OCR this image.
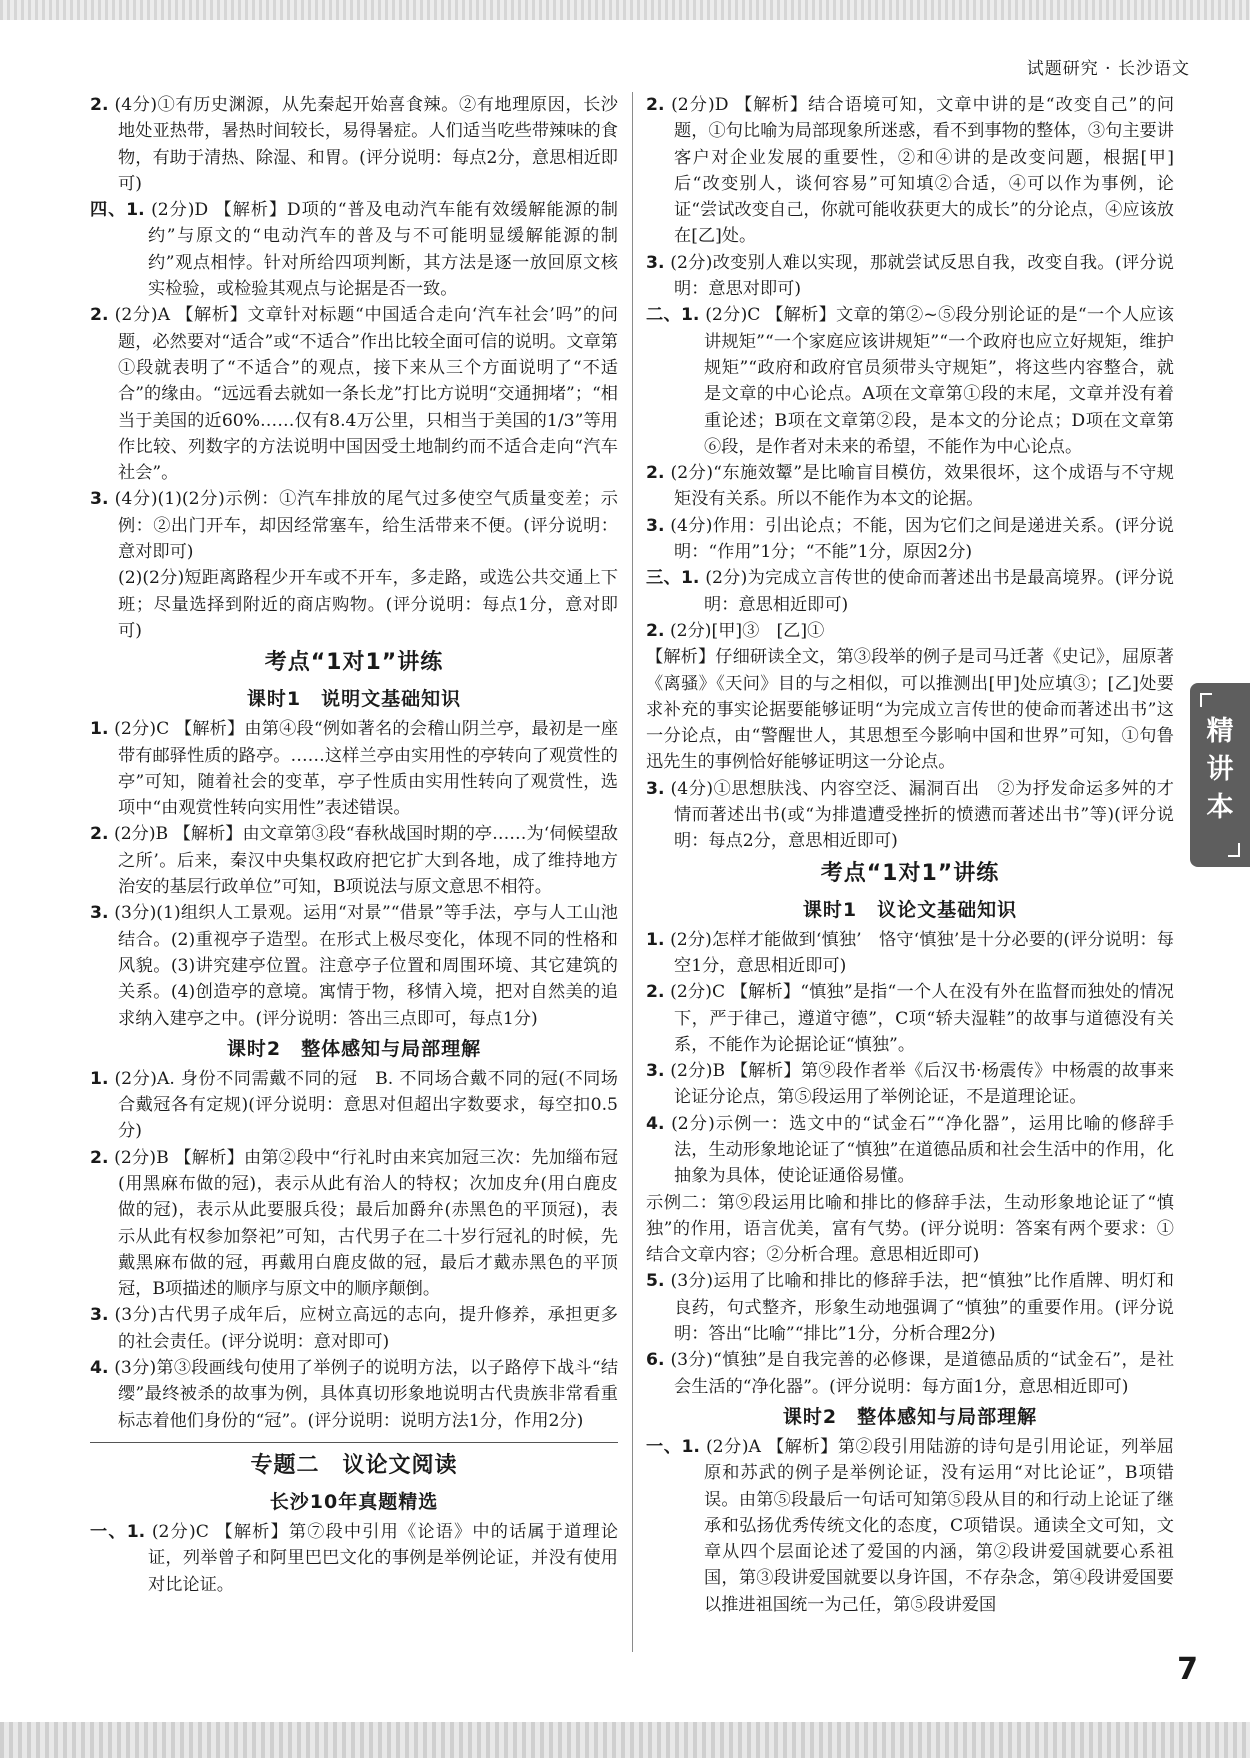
试题研究 · 长沙语文
2. (4分)①有历史渊源，从先秦起开始喜食辣。②有地理原因，长沙地处亚热带，暑热时间较长，易得暑症。人们适当吃些带辣味的食物，有助于清热、除湿、和胃。(评分说明：每点2分，意思相近即可)
四、1. (2分)D 【解析】D项的“普及电动汽车能有效缓解能源的制约”与原文的“电动汽车的普及与不可能明显缓解能源的制约”观点相悖。针对所给四项判断，其方法是逐一放回原文核实检验，或检验其观点与论据是否一致。
2. (2分)A 【解析】文章针对标题“中国适合走向‘汽车社会’吗”的问题，必然要对“适合”或“不适合”作出比较全面可信的说明。文章第①段就表明了“不适合”的观点，接下来从三个方面说明了“不适合”的缘由。“远远看去就如一条长龙”打比方说明“交通拥堵”；“相当于美国的近60%……仅有8.4万公里，只相当于美国的1/3”等用作比较、列数字的方法说明中国因受土地制约而不适合走向“汽车社会”。
3. (4分)(1)(2分)示例：①汽车排放的尾气过多使空气质量变差；示例：②出门开车，却因经常塞车，给生活带来不便。(评分说明：意对即可)
(2)(2分)短距离路程少开车或不开车，多走路，或选公共交通上下班；尽量选择到附近的商店购物。(评分说明：每点1分，意对即可)
考点“1对1”讲练
课时1　说明文基础知识
1. (2分)C 【解析】由第④段“例如著名的会稽山阴兰亭，最初是一座带有邮驿性质的路亭。……这样兰亭由实用性的亭转向了观赏性的亭”可知，随着社会的变革，亭子性质由实用性转向了观赏性，选项中“由观赏性转向实用性”表述错误。
2. (2分)B 【解析】由文章第③段“春秋战国时期的亭……为‘伺候望敌之所’。后来，秦汉中央集权政府把它扩大到各地，成了维持地方治安的基层行政单位”可知，B项说法与原文意思不相符。
3. (3分)(1)组织人工景观。运用“对景”“借景”等手法，亭与人工山池结合。(2)重视亭子造型。在形式上极尽变化，体现不同的性格和风貌。(3)讲究建亭位置。注意亭子位置和周围环境、其它建筑的关系。(4)创造亭的意境。寓情于物，移情入境，把对自然美的追求纳入建亭之中。(评分说明：答出三点即可，每点1分)
课时2　整体感知与局部理解
1. (2分)A. 身份不同需戴不同的冠　B. 不同场合戴不同的冠(不同场合戴冠各有定规)(评分说明：意思对但超出字数要求，每空扣0.5分)
2. (2分)B 【解析】由第②段中“行礼时由来宾加冠三次：先加缁布冠(用黑麻布做的冠)，表示从此有治人的特权；次加皮弁(用白鹿皮做的冠)，表示从此要服兵役；最后加爵弁(赤黑色的平顶冠)，表示从此有权参加祭祀”可知，古代男子在二十岁行冠礼的时候，先戴黑麻布做的冠，再戴用白鹿皮做的冠，最后才戴赤黑色的平顶冠，B项描述的顺序与原文中的顺序颠倒。
3. (3分)古代男子成年后，应树立高远的志向，提升修养，承担更多的社会责任。(评分说明：意对即可)
4. (3分)第③段画线句使用了举例子的说明方法，以子路停下战斗“结缨”最终被杀的故事为例，具体真切形象地说明古代贵族非常看重标志着他们身份的“冠”。(评分说明：说明方法1分，作用2分)
专题二　议论文阅读
长沙10年真题精选
一、1. (2分)C 【解析】第⑦段中引用《论语》中的话属于道理论证，列举曾子和阿里巴巴文化的事例是举例论证，并没有使用对比论证。
2. (2分)D 【解析】结合语境可知，文章中讲的是“改变自己”的问题，①句比喻为局部现象所迷惑，看不到事物的整体，③句主要讲客户对企业发展的重要性，②和④讲的是改变问题，根据[甲]后“改变别人，谈何容易”可知填②合适，④可以作为事例，论证“尝试改变自己，你就可能收获更大的成长”的分论点，④应该放在[乙]处。
3. (2分)改变别人难以实现，那就尝试反思自我，改变自我。(评分说明：意思对即可)
二、1. (2分)C 【解析】文章的第②~⑤段分别论证的是“一个人应该讲规矩”“一个家庭应该讲规矩”“一个政府也应立好规矩，维护规矩”“政府和政府官员须带头守规矩”，将这些内容整合，就是文章的中心论点。A项在文章第①段的末尾，文章并没有着重论述；B项在文章第②段，是本文的分论点；D项在文章第⑥段，是作者对未来的希望，不能作为中心论点。
2. (2分)“东施效颦”是比喻盲目模仿，效果很坏，这个成语与不守规矩没有关系。所以不能作为本文的论据。
3. (4分)作用：引出论点；不能，因为它们之间是递进关系。(评分说明：“作用”1分；“不能”1分，原因2分)
三、1. (2分)为完成立言传世的使命而著述出书是最高境界。(评分说明：意思相近即可)
2. (2分)[甲]③　[乙]①
【解析】仔细研读全文，第③段举的例子是司马迁著《史记》，屈原著《离骚》《天问》目的与之相似，可以推测出[甲]处应填③；[乙]处要求补充的事实论据要能够证明“为完成立言传世的使命而著述出书”这一分论点，由“警醒世人，其思想至今影响中国和世界”可知，①句鲁迅先生的事例恰好能够证明这一分论点。
3. (4分)①思想肤浅、内容空泛、漏洞百出　②为抒发命运多舛的才情而著述出书(或“为排遣遭受挫折的愤懑而著述出书”等)(评分说明：每点2分，意思相近即可)
考点“1对1”讲练
课时1　议论文基础知识
1. (2分)怎样才能做到‘慎独’　恪守‘慎独’是十分必要的(评分说明：每空1分，意思相近即可)
2. (2分)C 【解析】“慎独”是指“一个人在没有外在监督而独处的情况下，严于律己，遵道守德”，C项“轿夫湿鞋”的故事与道德没有关系，不能作为论据论证“慎独”。
3. (2分)B 【解析】第⑨段作者举《后汉书·杨震传》中杨震的故事来论证分论点，第⑤段运用了举例论证，不是道理论证。
4. (2分)示例一：选文中的“试金石”“净化器”，运用比喻的修辞手法，生动形象地论证了“慎独”在道德品质和社会生活中的作用，化抽象为具体，使论证通俗易懂。
示例二：第⑨段运用比喻和排比的修辞手法，生动形象地论证了“慎独”的作用，语言优美，富有气势。(评分说明：答案有两个要求：①结合文章内容；②分析合理。意思相近即可)
5. (3分)运用了比喻和排比的修辞手法，把“慎独”比作盾牌、明灯和良药，句式整齐，形象生动地强调了“慎独”的重要作用。(评分说明：答出“比喻”“排比”1分，分析合理2分)
6. (3分)“慎独”是自我完善的必修课，是道德品质的“试金石”，是社会生活的“净化器”。(评分说明：每方面1分，意思相近即可)
课时2　整体感知与局部理解
一、1. (2分)A 【解析】第②段引用陆游的诗句是引用论证，列举屈原和苏武的例子是举例论证，没有运用“对比论证”，B项错误。由第⑤段最后一句话可知第⑤段从目的和行动上论证了继承和弘扬优秀传统文化的态度，C项错误。通读全文可知，文章从四个层面论述了爱国的内涵，第②段讲爱国就要心系祖国，第③段讲爱国就要以身许国，不存杂念，第④段讲爱国要以推进祖国统一为己任，第⑤段讲爱国
精
讲
本
7
